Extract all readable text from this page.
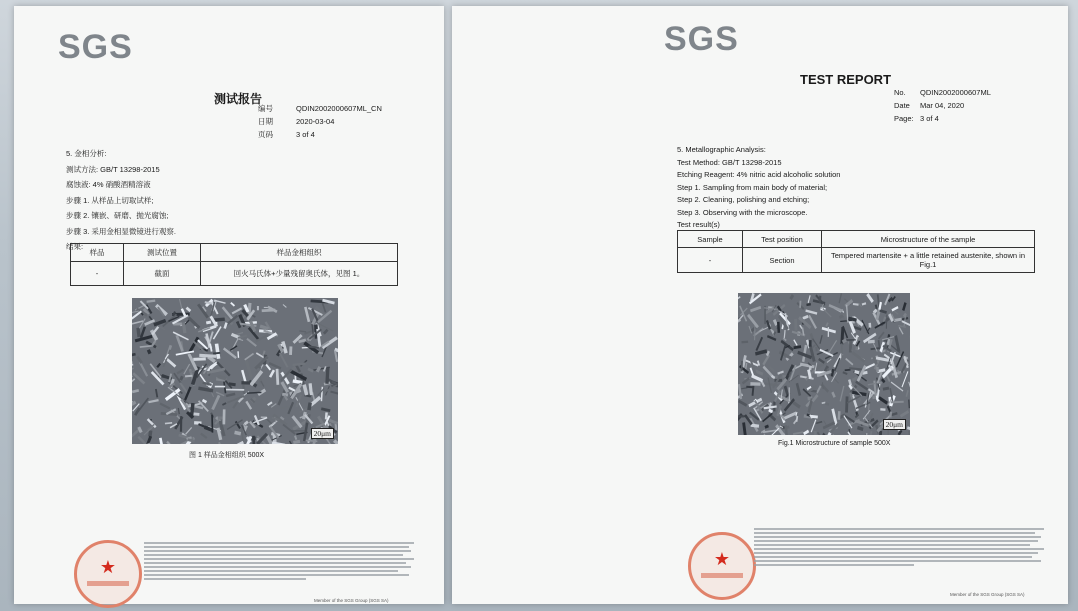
SGS
测试报告
编号	QDIN2002000607ML_CN
日期	2020-03-04
页码	3 of 4
5. 金相分析:
测试方法: GB/T 13298-2015
腐蚀液: 4% 硝酸酒精溶液
步骤 1. 从样品上切取试样;
步骤 2. 镶嵌、研磨、抛光腐蚀;
步骤 3. 采用金相显微镜进行观察.
结果:
样品	测试位置	样品金相组织
-	截面	回火马氏体+少量残留奥氏体，见图 1。
20μm
图 1 样品金相组织 500X
★
Member of the SGS Group (SGS SA)
SGS
TEST REPORT
No. QDIN2002000607ML
Date Mar 04, 2020
Page: 3 of 4
5. Metallographic Analysis:
Test Method: GB/T 13298-2015
Etching Reagent: 4% nitric acid alcoholic solution
Step 1. Sampling from main body of material;
Step 2. Cleaning, polishing and etching;
Step 3. Observing with the microscope.
Test result(s)
Sample	Test position	Microstructure of the sample
-	Section	Tempered martensite + a little retained austenite, shown in Fig.1
20μm
Fig.1 Microstructure of sample 500X
★
Member of the SGS Group (SGS SA)
